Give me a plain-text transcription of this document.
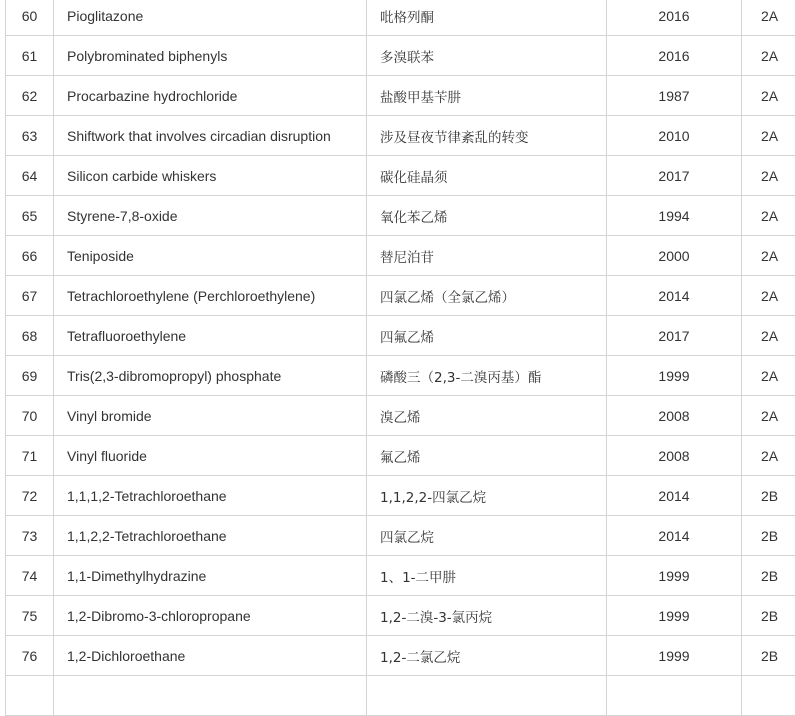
60	Pioglitazone	吡格列酮	2016	2A
61	Polybrominated biphenyls	多溴联苯	2016	2A
62	Procarbazine hydrochloride	盐酸甲基苄肼	1987	2A
63	Shiftwork that involves circadian disruption	涉及昼夜节律紊乱的转变	2010	2A
64	Silicon carbide whiskers	碳化硅晶须	2017	2A
65	Styrene-7,8-oxide	氧化苯乙烯	1994	2A
66	Teniposide	替尼泊苷	2000	2A
67	Tetrachloroethylene (Perchloroethylene)	四氯乙烯（全氯乙烯）	2014	2A
68	Tetrafluoroethylene	四氟乙烯	2017	2A
69	Tris(2,3-dibromopropyl) phosphate	磷酸三（2,3-二溴丙基）酯	1999	2A
70	Vinyl bromide	溴乙烯	2008	2A
71	Vinyl fluoride	氟乙烯	2008	2A
72	1,1,1,2-Tetrachloroethane	1,1,2,2-四氯乙烷	2014	2B
73	1,1,2,2-Tetrachloroethane	四氯乙烷	2014	2B
74	1,1-Dimethylhydrazine	1、1-二甲肼	1999	2B
75	1,2-Dibromo-3-chloropropane	1,2-二溴-3-氯丙烷	1999	2B
76	1,2-Dichloroethane	1,2-二氯乙烷	1999	2B
